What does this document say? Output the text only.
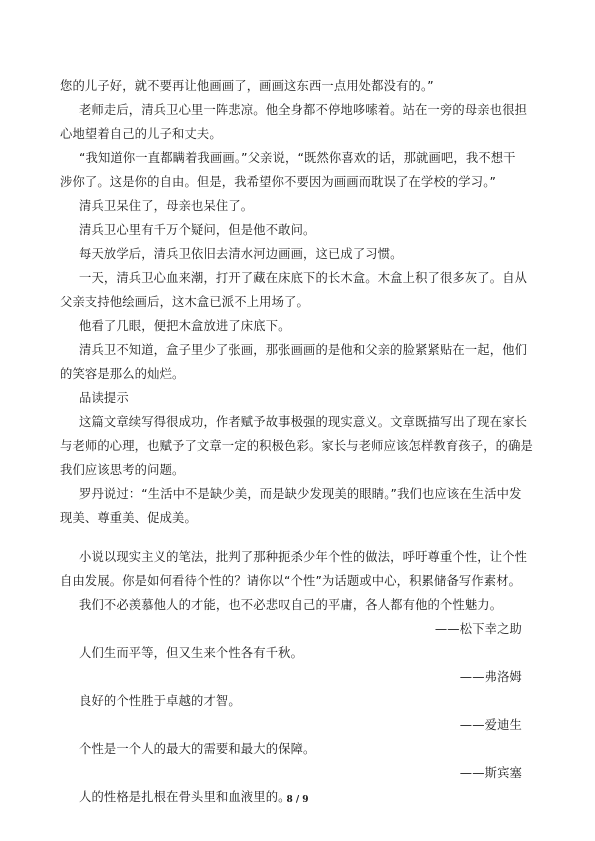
您的儿子好，就不要再让他画画了，画画这东西一点用处都没有的。”
老师走后，清兵卫心里一阵悲凉。他全身都不停地哆嗦着。站在一旁的母亲也很担
心地望着自己的儿子和丈夫。
“我知道你一直都瞒着我画画。”父亲说，“既然你喜欢的话，那就画吧，我不想干
涉你了。这是你的自由。但是，我希望你不要因为画画而耽误了在学校的学习。”
清兵卫呆住了，母亲也呆住了。
清兵卫心里有千万个疑问，但是他不敢问。
每天放学后，清兵卫依旧去清水河边画画，这已成了习惯。
一天，清兵卫心血来潮，打开了藏在床底下的长木盒。木盒上积了很多灰了。自从
父亲支持他绘画后，这木盒已派不上用场了。
他看了几眼，便把木盒放进了床底下。
清兵卫不知道，盒子里少了张画，那张画画的是他和父亲的脸紧紧贴在一起，他们
的笑容是那么的灿烂。
品读提示
这篇文章续写得很成功，作者赋予故事极强的现实意义。文章既描写出了现在家长
与老师的心理，也赋予了文章一定的积极色彩。家长与老师应该怎样教育孩子，的确是
我们应该思考的问题。
罗丹说过：“生活中不是缺少美，而是缺少发现美的眼睛。”我们也应该在生活中发
现美、尊重美、促成美。
小说以现实主义的笔法，批判了那种扼杀少年个性的做法，呼吁尊重个性，让个性
自由发展。你是如何看待个性的？请你以“个性”为话题或中心，积累储备写作素材。
我们不必羡慕他人的才能，也不必悲叹自己的平庸，各人都有他的个性魅力。
——松下幸之助
人们生而平等，但又生来个性各有千秋。
——弗洛姆
良好的个性胜于卓越的才智。
——爱迪生
个性是一个人的最大的需要和最大的保障。
——斯宾塞
人的性格是扎根在骨头里和血液里的。
8 / 9
